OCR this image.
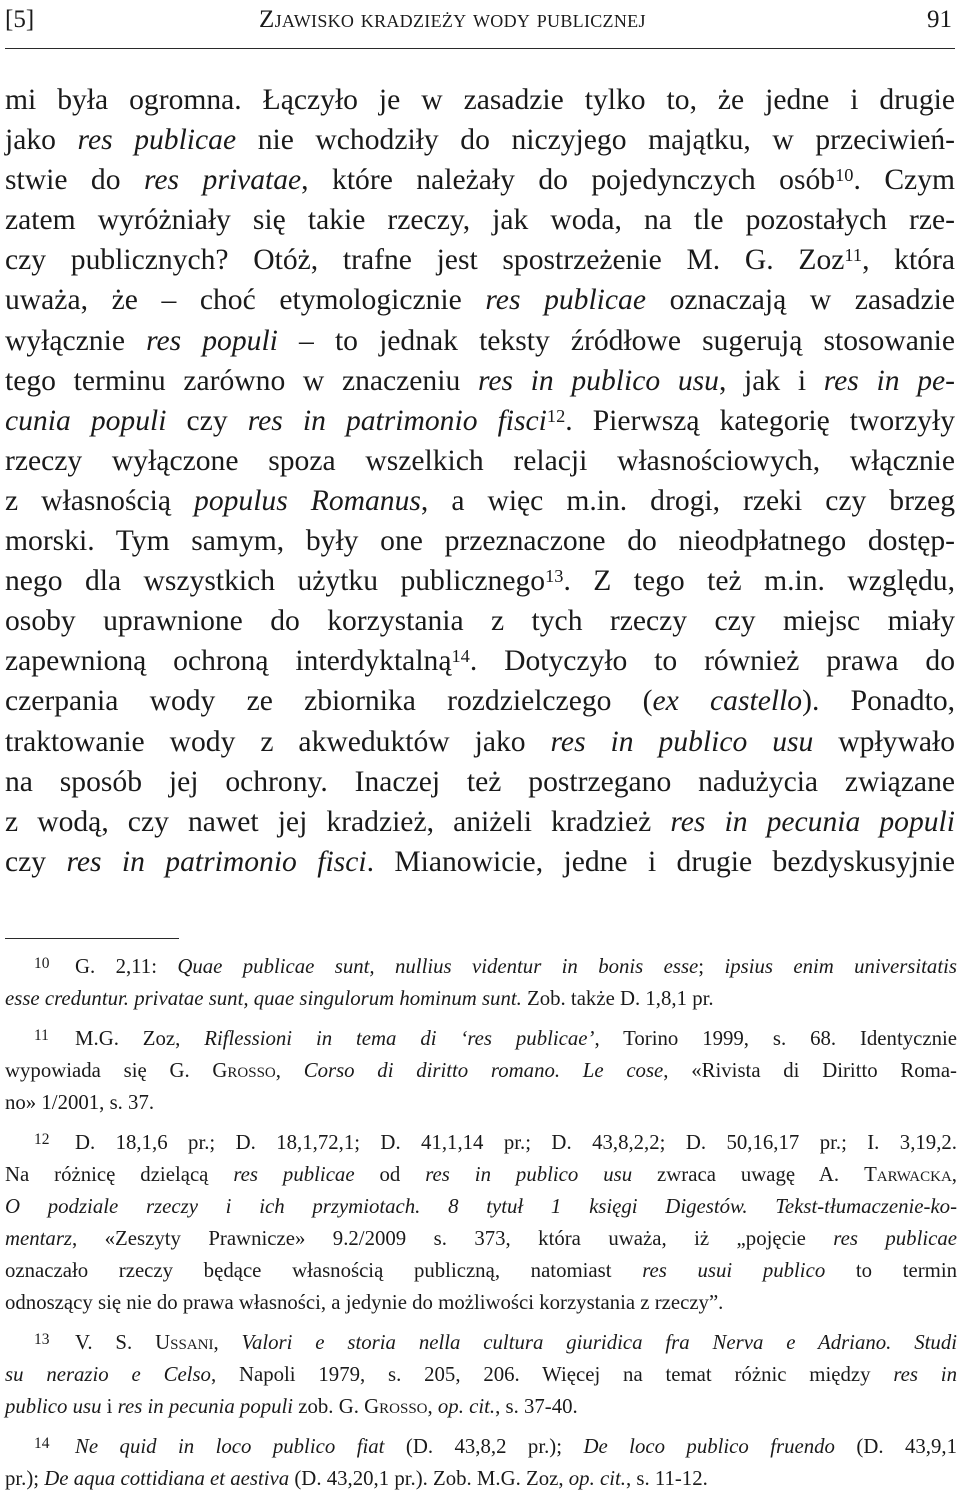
[5]	Zjawisko kradzieży wody publicznej	91
mi była ogromna. Łączyło je w zasadzie tylko to, że jedne i drugie
jako res publicae nie wchodziły do niczyjego majątku, w przeciwień-
stwie do res privatae, które należały do pojedynczych osób$^{10}$. Czym
zatem wyróżniały się takie rzeczy, jak woda, na tle pozostałych rze-
czy publicznych? Otóż, trafne jest spostrzeżenie M. G. Zoz$^{11}$, która
uważa, że – choć etymologicznie res publicae oznaczają w zasadzie
wyłącznie res populi – to jednak teksty źródłowe sugerują stosowanie
tego terminu zarówno w znaczeniu res in publico usu, jak i res in pe-
cunia populi czy res in patrimonio fisci$^{12}$. Pierwszą kategorię tworzyły
rzeczy wyłączone spoza wszelkich relacji własnościowych, włącznie
z własnością populus Romanus, a więc m.in. drogi, rzeki czy brzeg
morski. Tym samym, były one przeznaczone do nieodpłatnego dostęp-
nego dla wszystkich użytku publicznego$^{13}$. Z tego też m.in. względu,
osoby uprawnione do korzystania z tych rzeczy czy miejsc miały
zapewnioną ochroną interdyktalną$^{14}$. Dotyczyło to również prawa do
czerpania wody ze zbiornika rozdzielczego (ex castello). Ponadto,
traktowanie wody z akweduktów jako res in publico usu wpływało
na sposób jej ochrony. Inaczej też postrzegano nadużycia związane
z wodą, czy nawet jej kradzież, aniżeli kradzież res in pecunia populi
czy res in patrimonio fisci. Mianowicie, jedne i drugie bezdyskusyjnie
10 G. 2,11: Quae publicae sunt, nullius videntur in bonis esse; ipsius enim universitatis
esse creduntur. privatae sunt, quae singulorum hominum sunt. Zob. także D. 1,8,1 pr.
11 M.G. Zoz, Riflessioni in tema di ‘res publicae’, Torino 1999, s. 68. Identycznie
wypowiada się G. Grosso, Corso di diritto romano. Le cose, «Rivista di Diritto Roma-
no» 1/2001, s. 37.
12 D. 18,1,6 pr.; D. 18,1,72,1; D. 41,1,14 pr.; D. 43,8,2,2; D. 50,16,17 pr.; I. 3,19,2.
Na różnicę dzielącą res publicae od res in publico usu zwraca uwagę A. Tarwacka,
O podziale rzeczy i ich przymiotach. 8 tytuł 1 księgi Digestów. Tekst-tłumaczenie-ko-
mentarz, «Zeszyty Prawnicze» 9.2/2009 s. 373, która uważa, iż „pojęcie res publicae
oznaczało rzeczy będące własnością publiczną, natomiast res usui publico to termin
odnoszący się nie do prawa własności, a jedynie do możliwości korzystania z rzeczy”.
13 V. S. Ussani, Valori e storia nella cultura giuridica fra Nerva e Adriano. Studi
su nerazio e Celso, Napoli 1979, s. 205, 206. Więcej na temat różnic między res in
publico usu i res in pecunia populi zob. G. Grosso, op. cit., s. 37-40.
14 Ne quid in loco publico fiat (D. 43,8,2 pr.); De loco publico fruendo (D. 43,9,1
pr.); De aqua cottidiana et aestiva (D. 43,20,1 pr.). Zob. M.G. Zoz, op. cit., s. 11-12.
